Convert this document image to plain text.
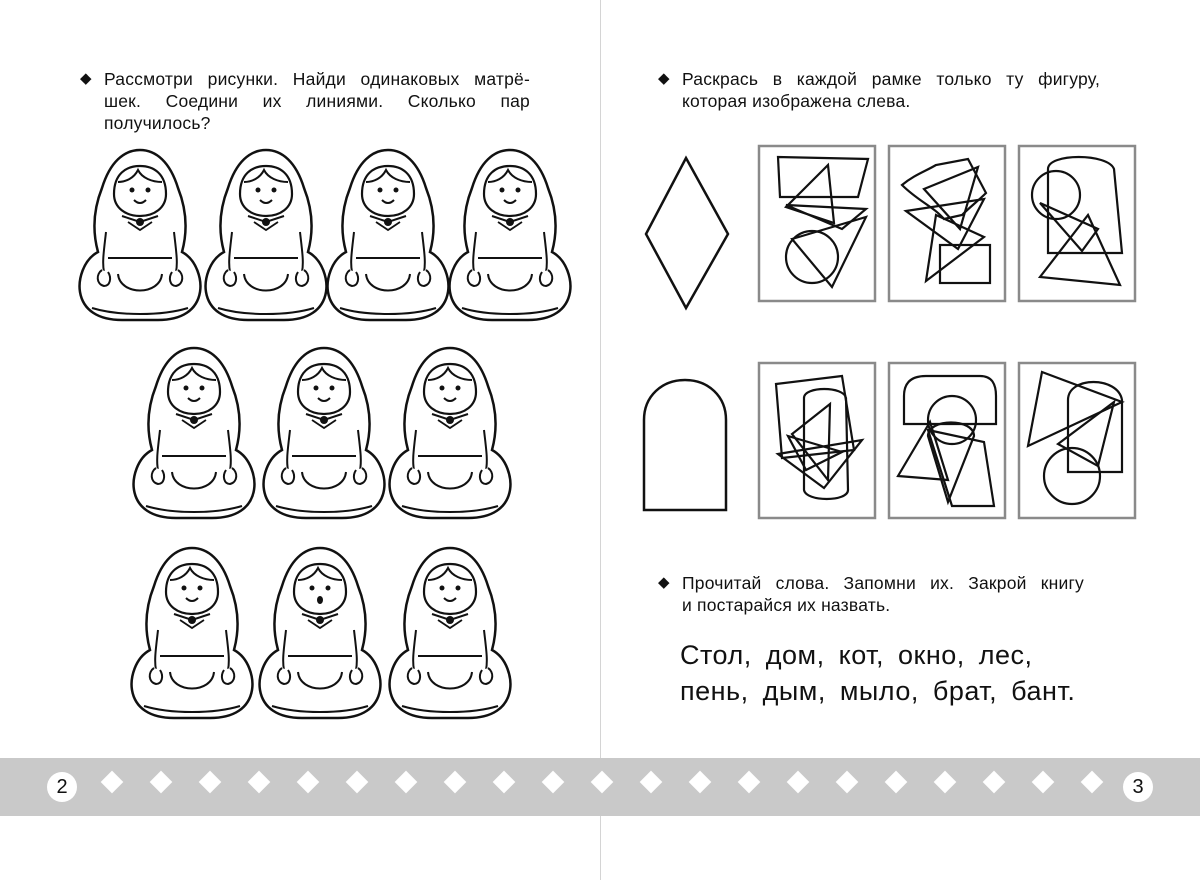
◆ Рассмотри рисунки. Найди одинаковых матрё-

шек. Соедини их линиями. Сколько пар

получилось?

◆ Раскрась в каждой рамке только ту фигуру,

которая изображена слева.

◆ Прочитай слова. Запомни их. Закрой книгу

и постарайся их назвать.

Стол, дом, кот, окно, лес,
пень, дым, мыло, брат, бант.
2	3
